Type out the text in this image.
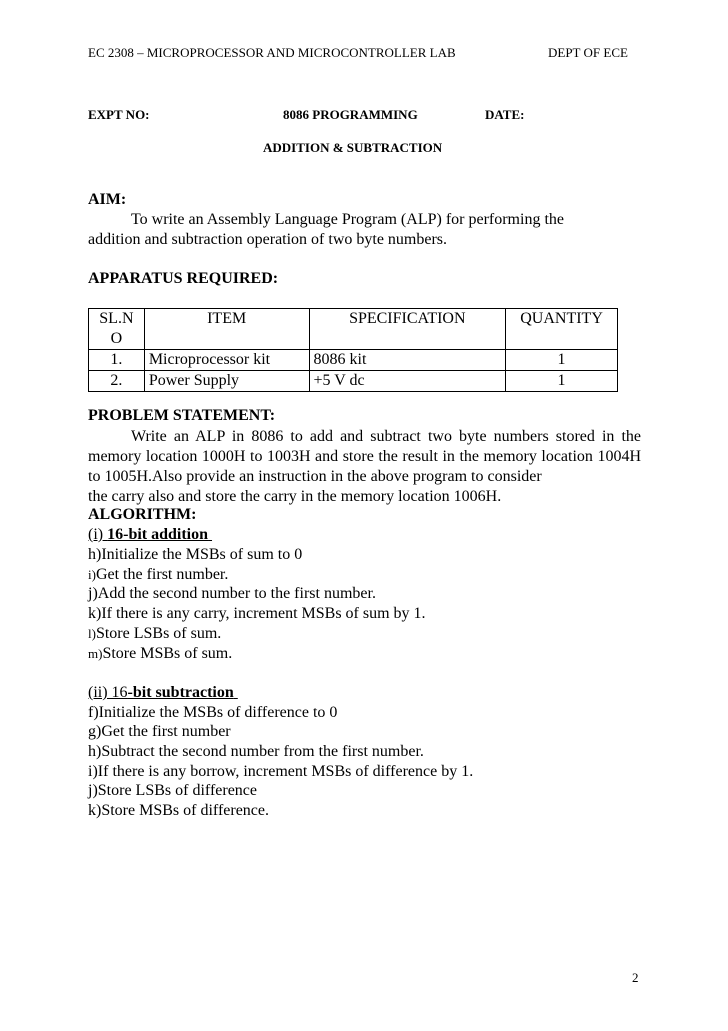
EC 2308 – MICROPROCESSOR AND MICROCONTROLLER LAB	DEPT OF ECE
EXPT NO:	8086 PROGRAMMING	DATE:
ADDITION & SUBTRACTION
AIM:
To write an Assembly Language Program (ALP) for performing the
addition and subtraction operation of two byte numbers.
APPARATUS REQUIRED:
SL.N O	ITEM	SPECIFICATION	QUANTITY
1.	Microprocessor kit	8086 kit	1
2.	Power Supply	+5 V dc	1
PROBLEM STATEMENT:
Write an ALP in 8086 to add and subtract two byte numbers stored in the memory location 1000H to 1003H and store the result in the memory location 1004H to 1005H.Also provide an instruction in the above program to consider
the carry also and store the carry in the memory location 1006H.
ALGORITHM:
(i) 16-bit addition
h)Initialize the MSBs of sum to 0
i)Get the first number.
j)Add the second number to the first number.
k)If there is any carry, increment MSBs of sum by 1.
l)Store LSBs of sum.
m)Store MSBs of sum.
(ii) 16-bit subtraction
f)Initialize the MSBs of difference to 0
g)Get the first number
h)Subtract the second number from the first number.
i)If there is any borrow, increment MSBs of difference by 1.
j)Store LSBs of difference
k)Store MSBs of difference.
2
